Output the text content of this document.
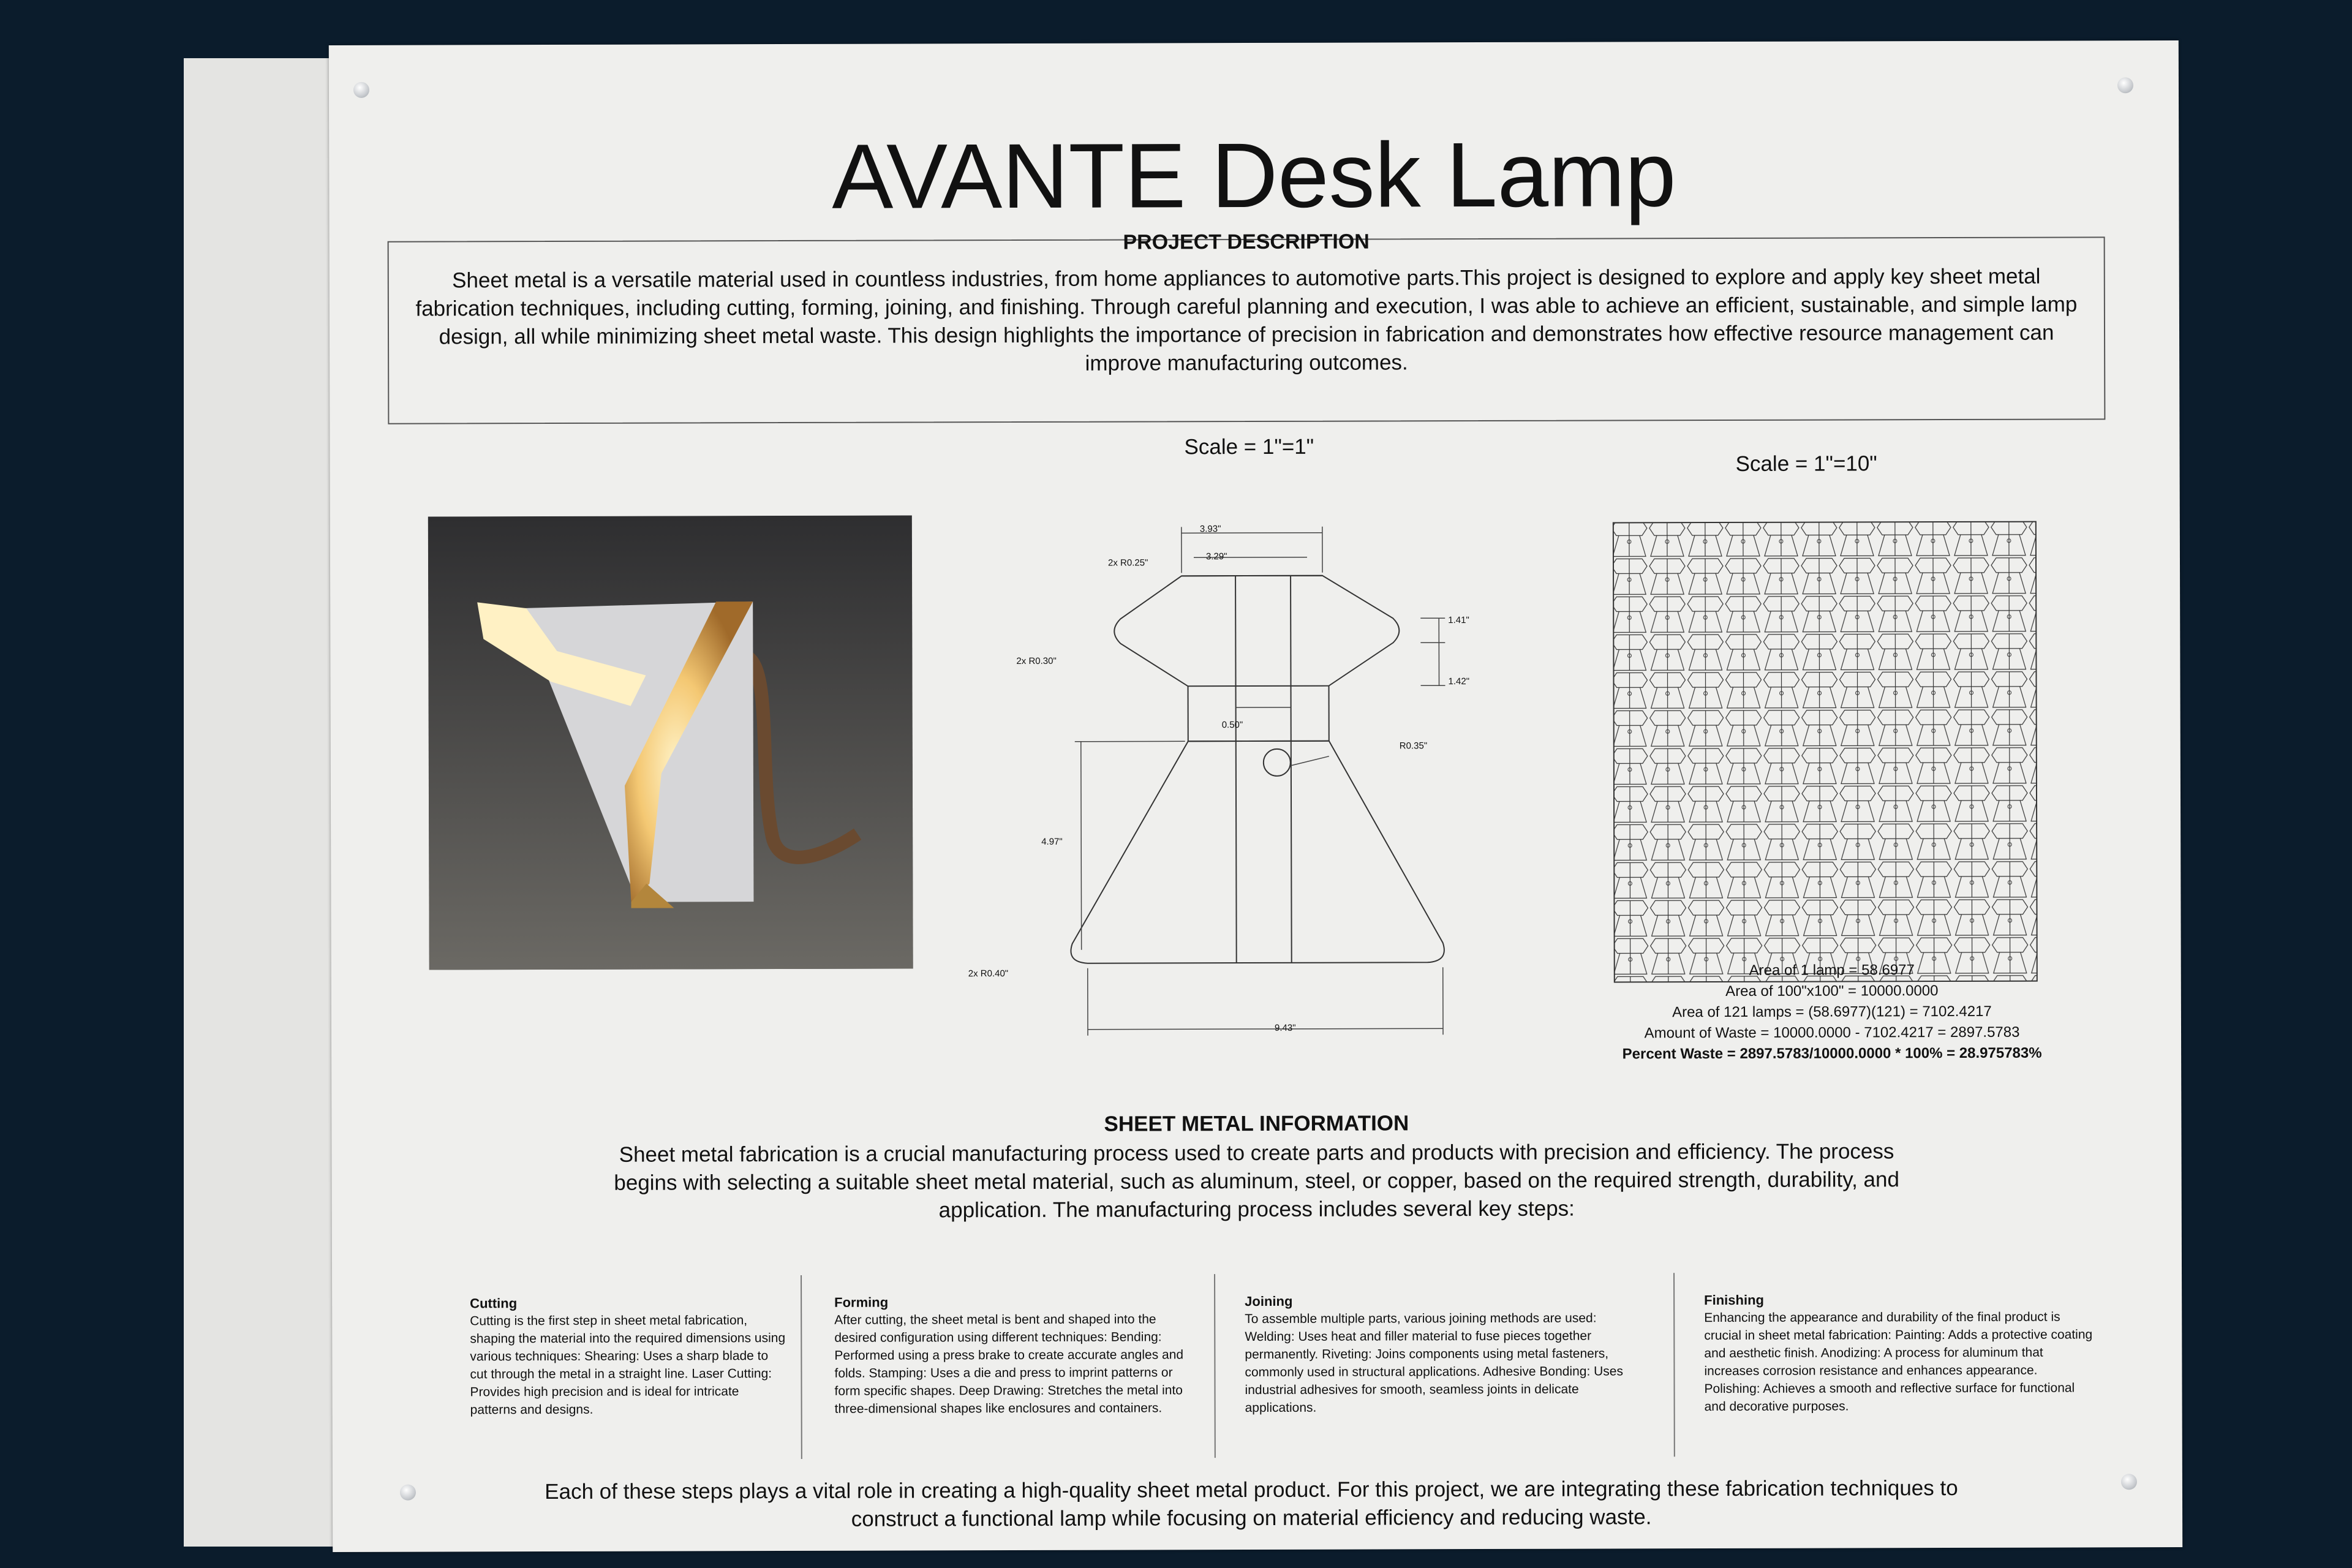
AVANTE Desk Lamp
PROJECT DESCRIPTION
Sheet metal is a versatile material used in countless industries, from home appliances to automotive parts.This project is designed to explore and apply key sheet metal fabrication techniques, including cutting, forming, joining, and finishing. Through careful planning and execution, I was able to achieve an efficient, sustainable, and simple lamp design, all while minimizing sheet metal waste. This design highlights the importance of precision in fabrication and demonstrates how effective resource management can improve manufacturing outcomes.
Scale = 1"=1"
Scale = 1"=10"
3.93"
3.29"
2x R0.25"
2x R0.30"
1.41"
1.42"
0.50"
R0.35"
4.97"
2x R0.40"
9.43"
Area of 1 lamp = 58.6977
Area of 100"x100" = 10000.0000
Area of 121 lamps = (58.6977)(121) = 7102.4217
Amount of Waste = 10000.0000 - 7102.4217 = 2897.5783
Percent Waste = 2897.5783/10000.0000 * 100% = 28.975783%
SHEET METAL INFORMATION
Sheet metal fabrication is a crucial manufacturing process used to create parts and products with precision and efficiency. The process begins with selecting a suitable sheet metal material, such as aluminum, steel, or copper, based on the required strength, durability, and application. The manufacturing process includes several key steps:
Cutting
Cutting is the first step in sheet metal fabrication, shaping the material into the required dimensions using various techniques: Shearing: Uses a sharp blade to cut through the metal in a straight line. Laser Cutting: Provides high precision and is ideal for intricate patterns and designs.
Forming
After cutting, the sheet metal is bent and shaped into the desired configuration using different techniques: Bending: Performed using a press brake to create accurate angles and folds. Stamping: Uses a die and press to imprint patterns or form specific shapes. Deep Drawing: Stretches the metal into three-dimensional shapes like enclosures and containers.
Joining
To assemble multiple parts, various joining methods are used: Welding: Uses heat and filler material to fuse pieces together permanently. Riveting: Joins components using metal fasteners, commonly used in structural applications. Adhesive Bonding: Uses industrial adhesives for smooth, seamless joints in delicate applications.
Finishing
Enhancing the appearance and durability of the final product is crucial in sheet metal fabrication: Painting: Adds a protective coating and aesthetic finish. Anodizing: A process for aluminum that increases corrosion resistance and enhances appearance. Polishing: Achieves a smooth and reflective surface for functional and decorative purposes.
Each of these steps plays a vital role in creating a high-quality sheet metal product. For this project, we are integrating these fabrication techniques to construct a functional lamp while focusing on material efficiency and reducing waste.
